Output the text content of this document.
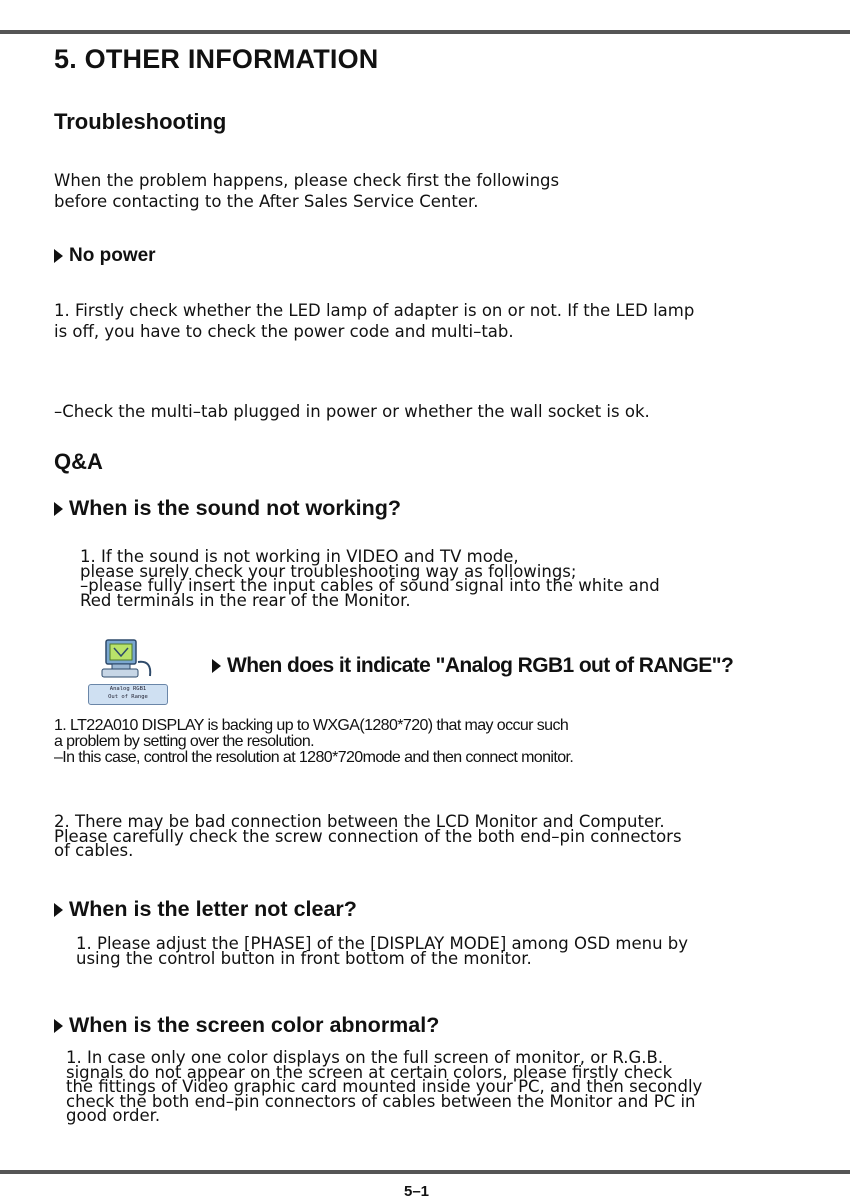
5. OTHER INFORMATION
Troubleshooting

When the problem happens, please check first the followings
before contacting to the After Sales Service Center.

No power

1. Firstly check whether the LED lamp of adapter is on or not. If the LED lamp
is off, you have to check the power code and multi–tab.

–Check the multi–tab plugged in power or whether the wall socket is ok.

Q&A
When is the sound not working?

1. If the sound is not working in VIDEO and TV mode,
please surely check your troubleshooting way as followings;
–please fully insert the input cables of sound signal into the white and
Red terminals in the rear of the Monitor.

Analog RGB1
Out of Range
When does it indicate "Analog RGB1 out of RANGE"?

1. LT22A010 DISPLAY is backing up to WXGA(1280*720) that may occur such
a problem by setting over the resolution.
–In this case, control the resolution at 1280*720mode and then connect monitor.

2. There may be bad connection between the LCD Monitor and Computer.
Please carefully check the screw connection of the both end–pin connectors
of cables.

When is the letter not clear?

1. Please adjust the [PHASE] of the [DISPLAY MODE] among OSD menu by
using the control button in front bottom of the monitor.

When is the screen color abnormal?

1. In case only one color displays on the full screen of monitor, or R.G.B.
signals do not appear on the screen at certain colors, please firstly check
the fittings of Video graphic card mounted inside your PC, and then secondly
check the both end–pin connectors of cables between the Monitor and PC in
good order.

5–1
